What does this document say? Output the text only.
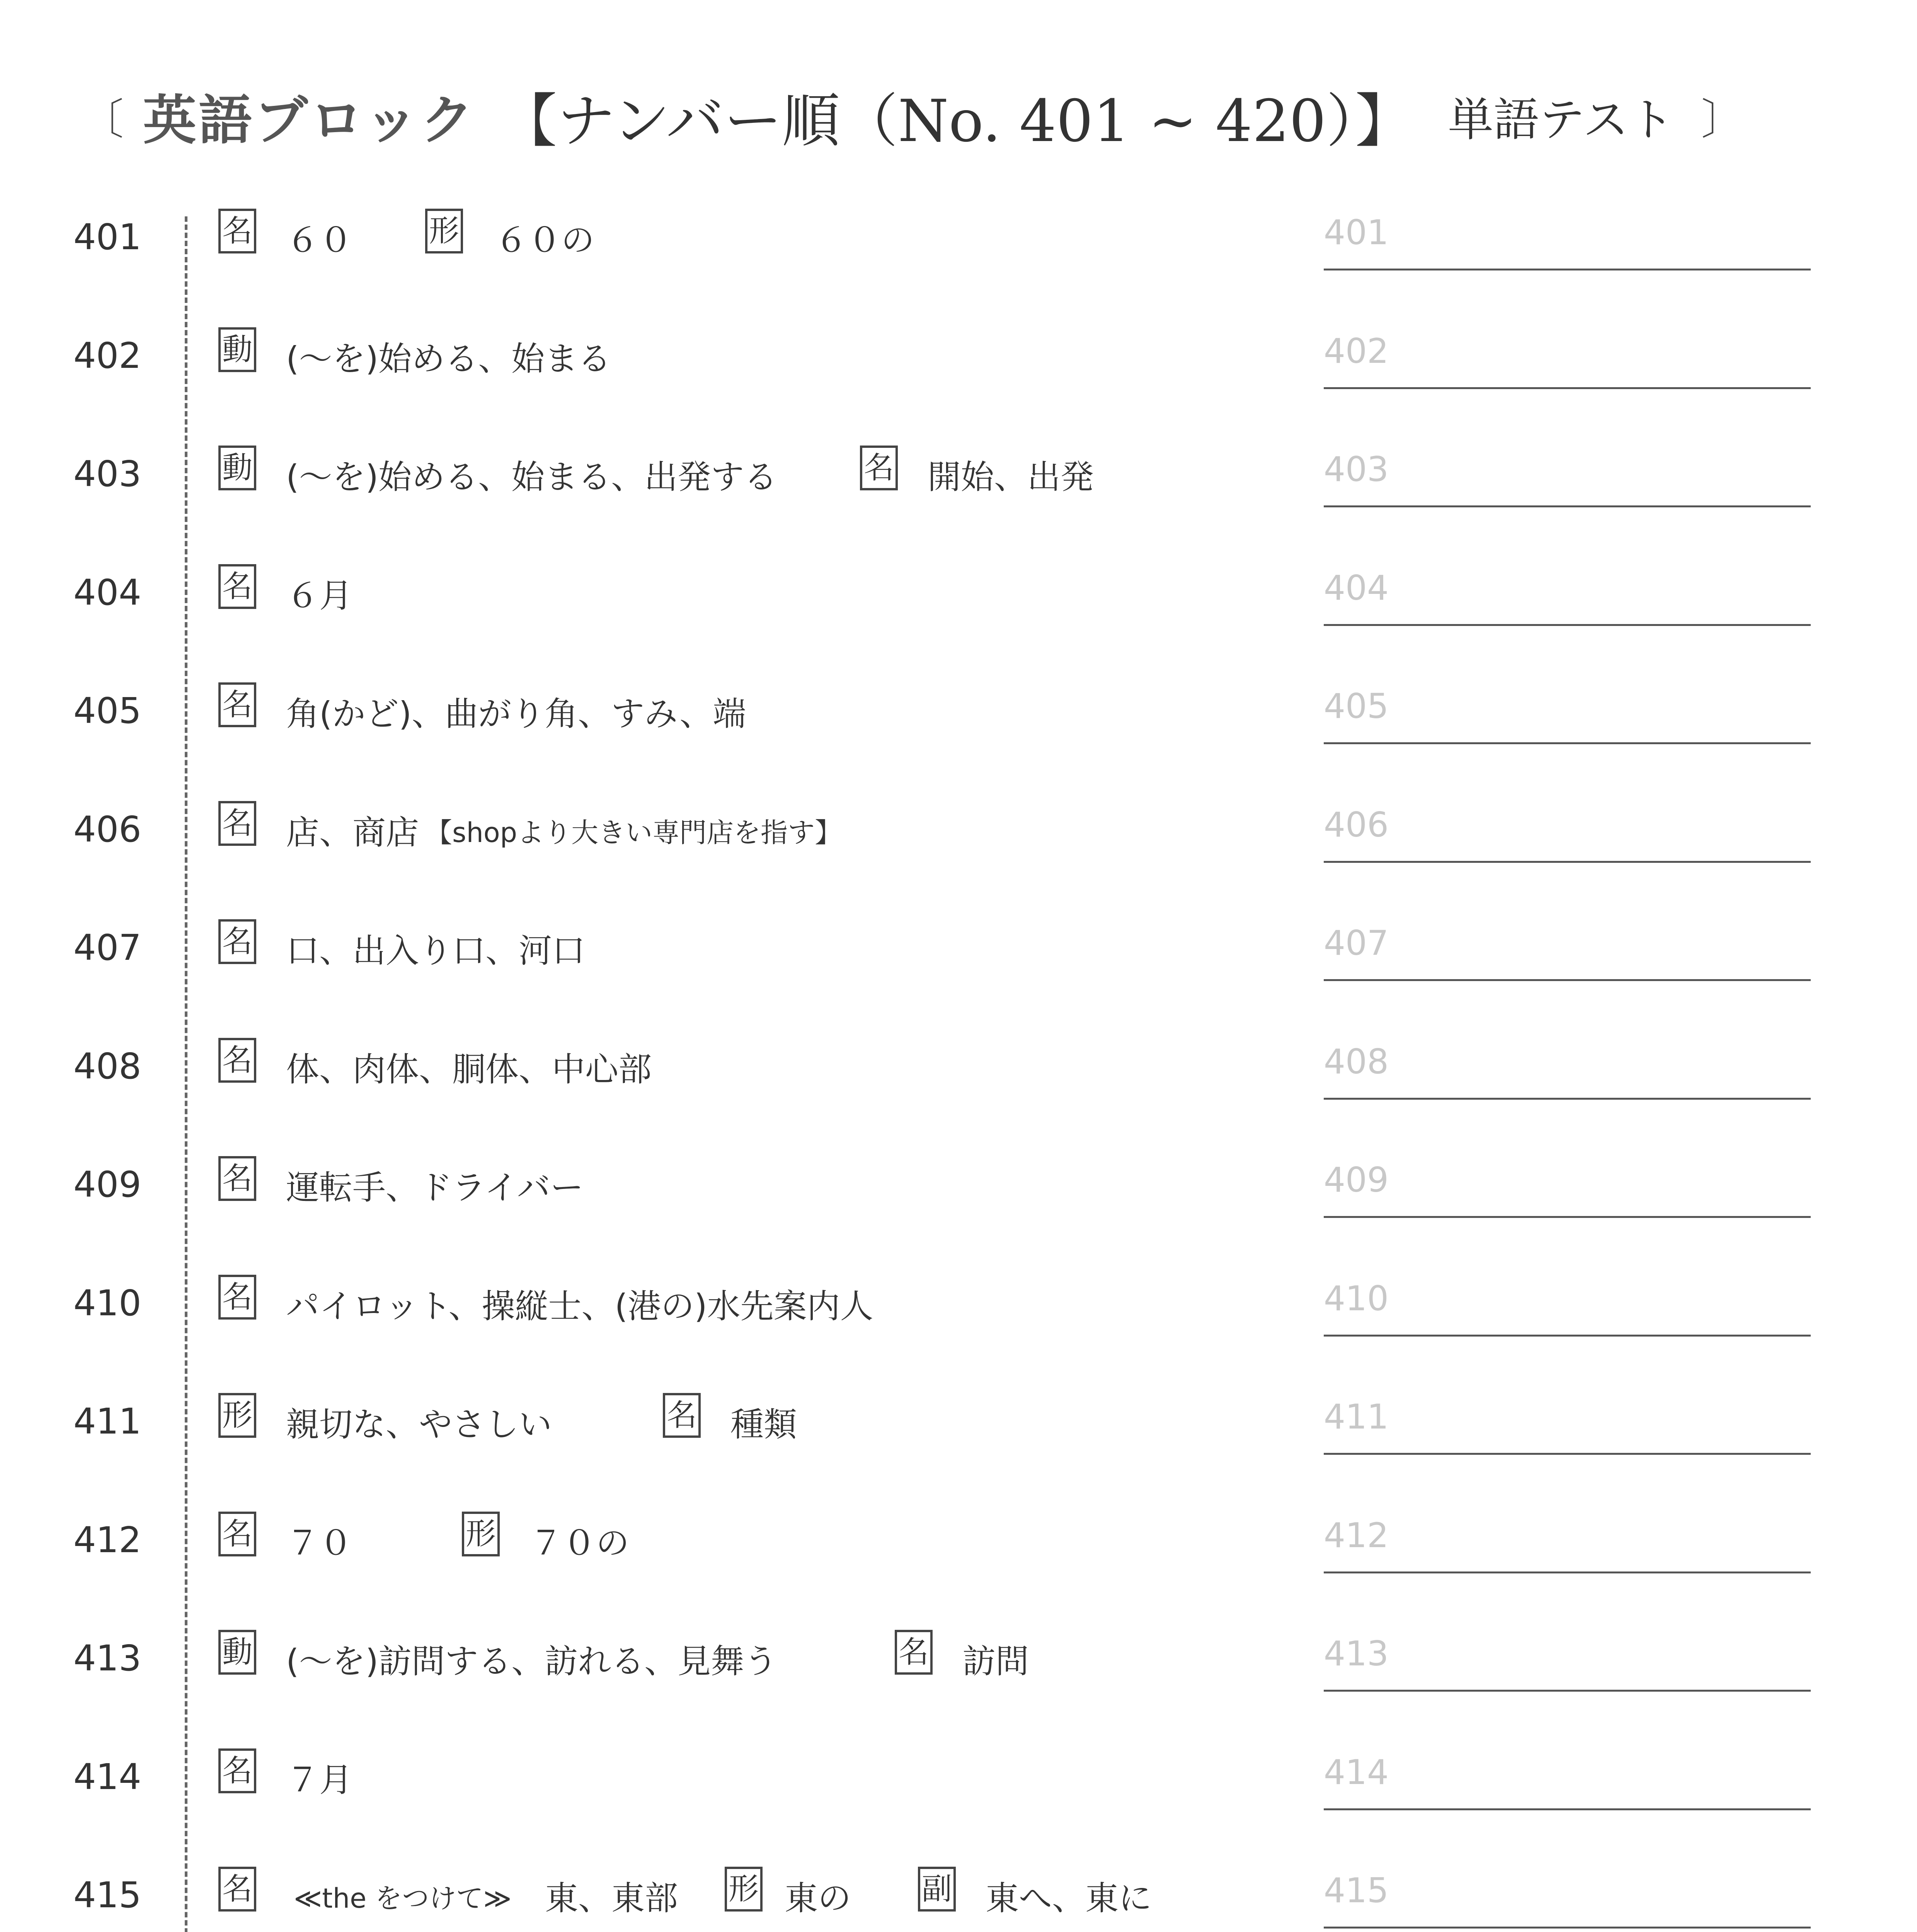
〔 英語ブロック 【ナンバー順（No. 401 ~ 420）】 単語テスト 〕
401	名 ６０	形 ６０の	401
402	動 (～を)始める、始まる	402
403	動 (～を)始める、始まる、出発する	名 開始、出発	403
404	名 ６月	404
405	名 角(かど)、曲がり角、すみ、端	405
406	名 店、商店 【shopより大きい専門店を指す】	406
407	名 口、出入り口、河口	407
408	名 体、肉体、胴体、中心部	408
409	名 運転手、ドライバー	409
410	名 パイロット、操縦士、(港の)水先案内人	410
411	形 親切な、やさしい	名 種類	411
412	名 ７０	形 ７０の	412
413	動 (～を)訪問する、訪れる、見舞う	名 訪問	413
414	名 ７月	414
415	名 ≪the をつけて≫ 東、東部 形 東の 副 東へ、東に	415
